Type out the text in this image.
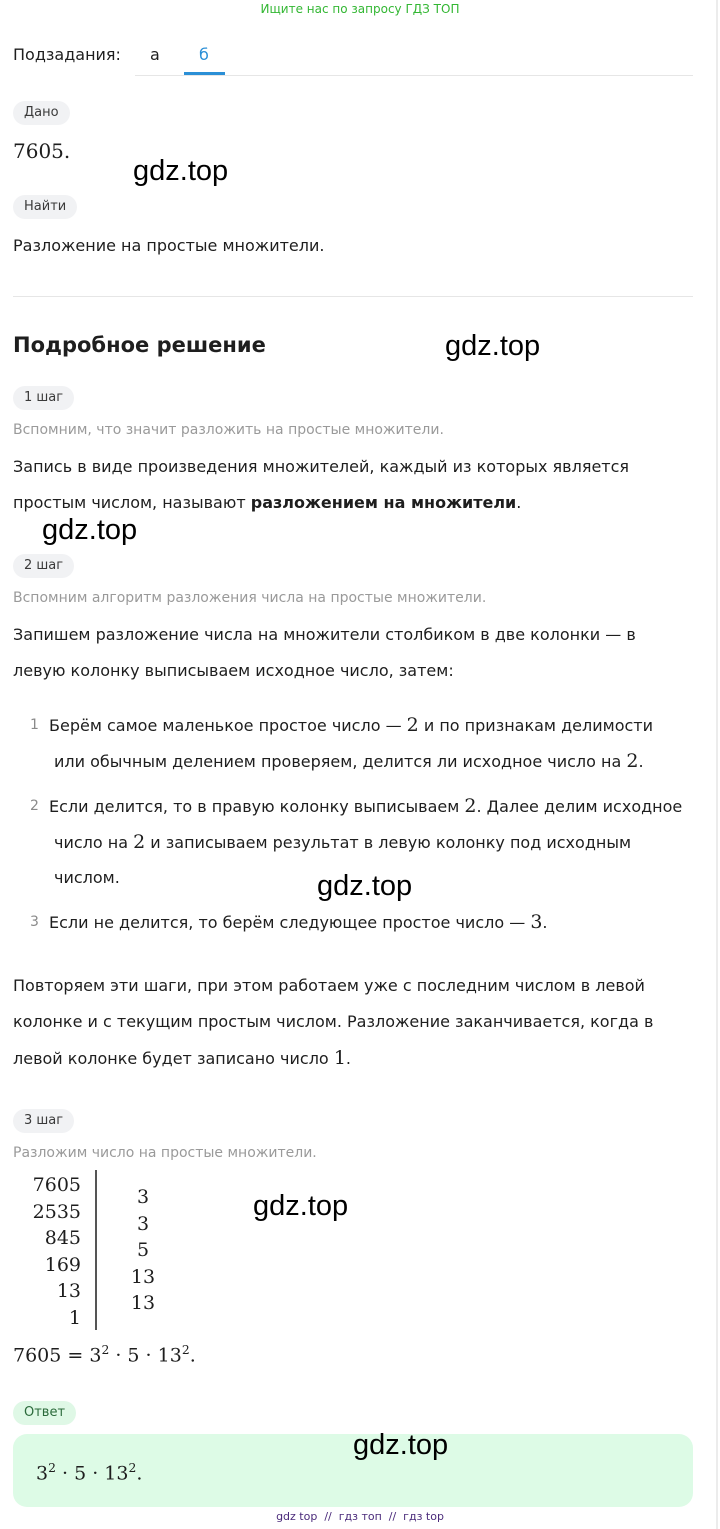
Ищите нас по запросу ГДЗ ТОП
Подзадания: а б
Дано
7605.
gdz.top
Найти
Разложение на простые множители.
Подробное решение	gdz.top
1 шаг
Вспомним, что значит разложить на простые множители.
Запись в виде произведения множителей, каждый из которых является
простым числом, называют разложением на множители.
gdz.top
2 шаг
Вспомним алгоритм разложения числа на простые множители.
Запишем разложение числа на множители столбиком в две колонки — в
левую колонку выписываем исходное число, затем:
1 Берём самое маленькое простое число — 2 и по признакам делимости
или обычным делением проверяем, делится ли исходное число на 2.
2 Если делится, то в правую колонку выписываем 2. Далее делим исходное
число на 2 и записываем результат в левую колонку под исходным
числом.	gdz.top
3 Если не делится, то берём следующее простое число — 3.
Повторяем эти шаги, при этом работаем уже с последним числом в левой
колонке и с текущим простым числом. Разложение заканчивается, когда в
левой колонке будет записано число 1.
3 шаг
Разложим число на простые множители.
7605
2535
845
169
13
1
3
3
5
13
13
gdz.top
$7605 = 3^2 \cdot 5 \cdot 13^2$.
Ответ
$3^2 \cdot 5 \cdot 13^2$.
gdz.top
gdz top  //  гдз топ  //  гдз top
